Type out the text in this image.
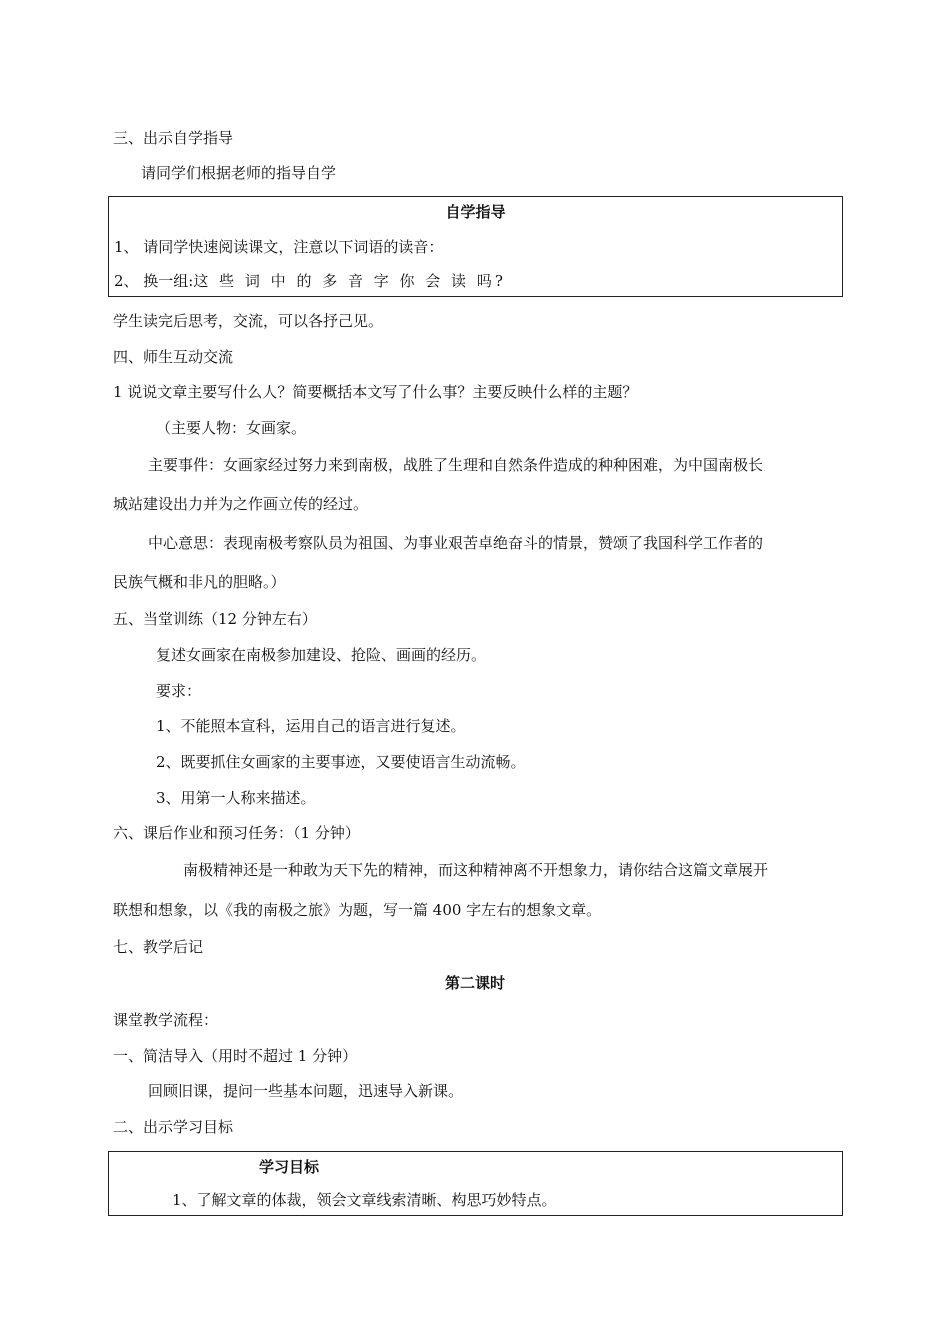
三、出示自学指导
请同学们根据老师的指导自学
自学指导
1、 请同学快速阅读课文，注意以下词语的读音：
2、 换一组:这 些 词 中 的 多 音 字 你 会 读 吗?
学生读完后思考，交流，可以各抒己见。
四、师生互动交流
1 说说文章主要写什么人？简要概括本文写了什么事？主要反映什么样的主题？
（主要人物：女画家。
主要事件：女画家经过努力来到南极，战胜了生理和自然条件造成的种种困难，为中国南极长
城站建设出力并为之作画立传的经过。
中心意思：表现南极考察队员为祖国、为事业艰苦卓绝奋斗的情景，赞颂了我国科学工作者的
民族气概和非凡的胆略。）
五、当堂训练（12 分钟左右）
复述女画家在南极参加建设、抢险、画画的经历。
要求：
1、不能照本宣科，运用自己的语言进行复述。
2、既要抓住女画家的主要事迹，又要使语言生动流畅。
3、用第一人称来描述。
六、课后作业和预习任务：（1 分钟）
南极精神还是一种敢为天下先的精神，而这种精神离不开想象力，请你结合这篇文章展开
联想和想象，以《我的南极之旅》为题，写一篇 400 字左右的想象文章。
七、教学后记
第二课时
课堂教学流程：
一、简洁导入（用时不超过 1 分钟）
回顾旧课，提问一些基本问题，迅速导入新课。
二、出示学习目标
学习目标
1、了解文章的体裁，领会文章线索清晰、构思巧妙特点。
